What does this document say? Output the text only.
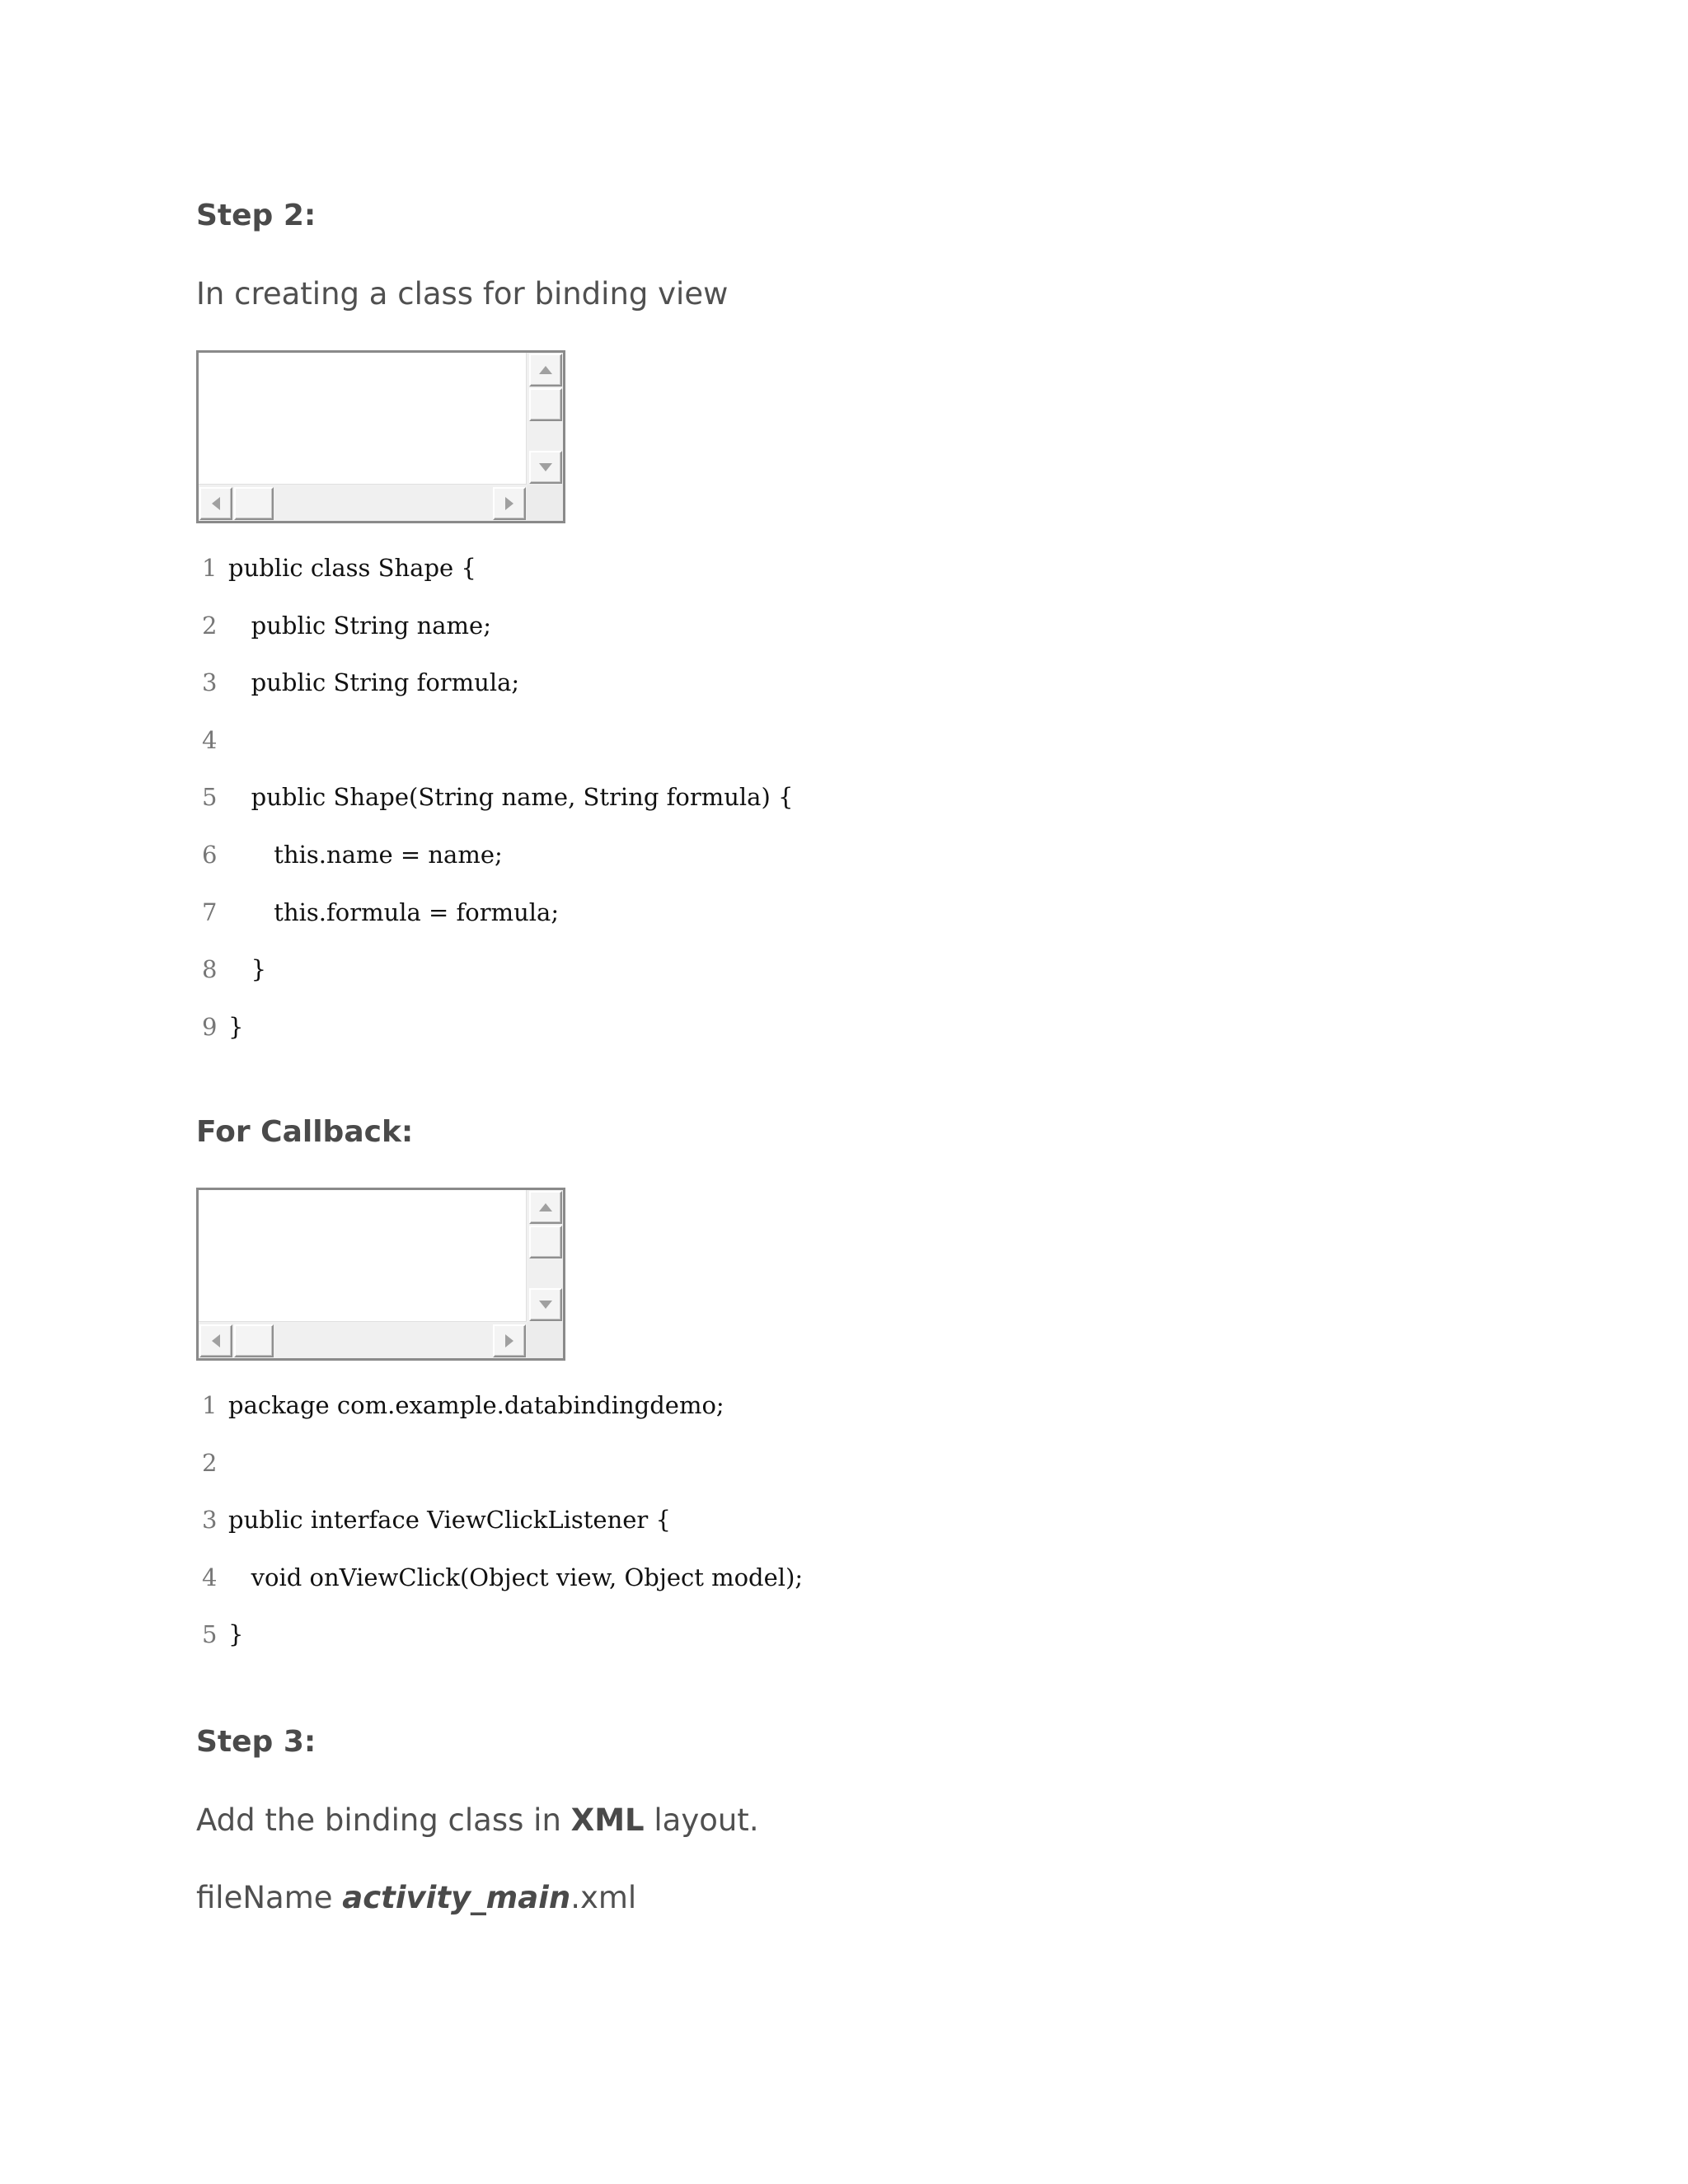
Step 2:

In creating a class for binding view

1 public class Shape {
2 public String name;
3 public String formula;
4
5 public Shape(String name, String formula) {
6 this.name = name;
7 this.formula = formula;
8 }
9 }
For Callback:
1 package com.example.databindingdemo;
2
3 public interface ViewClickListener {
4 void onViewClick(Object view, Object model);
5 }
Step 3:

Add the binding class in XML layout.

fileName activity_main.xml
